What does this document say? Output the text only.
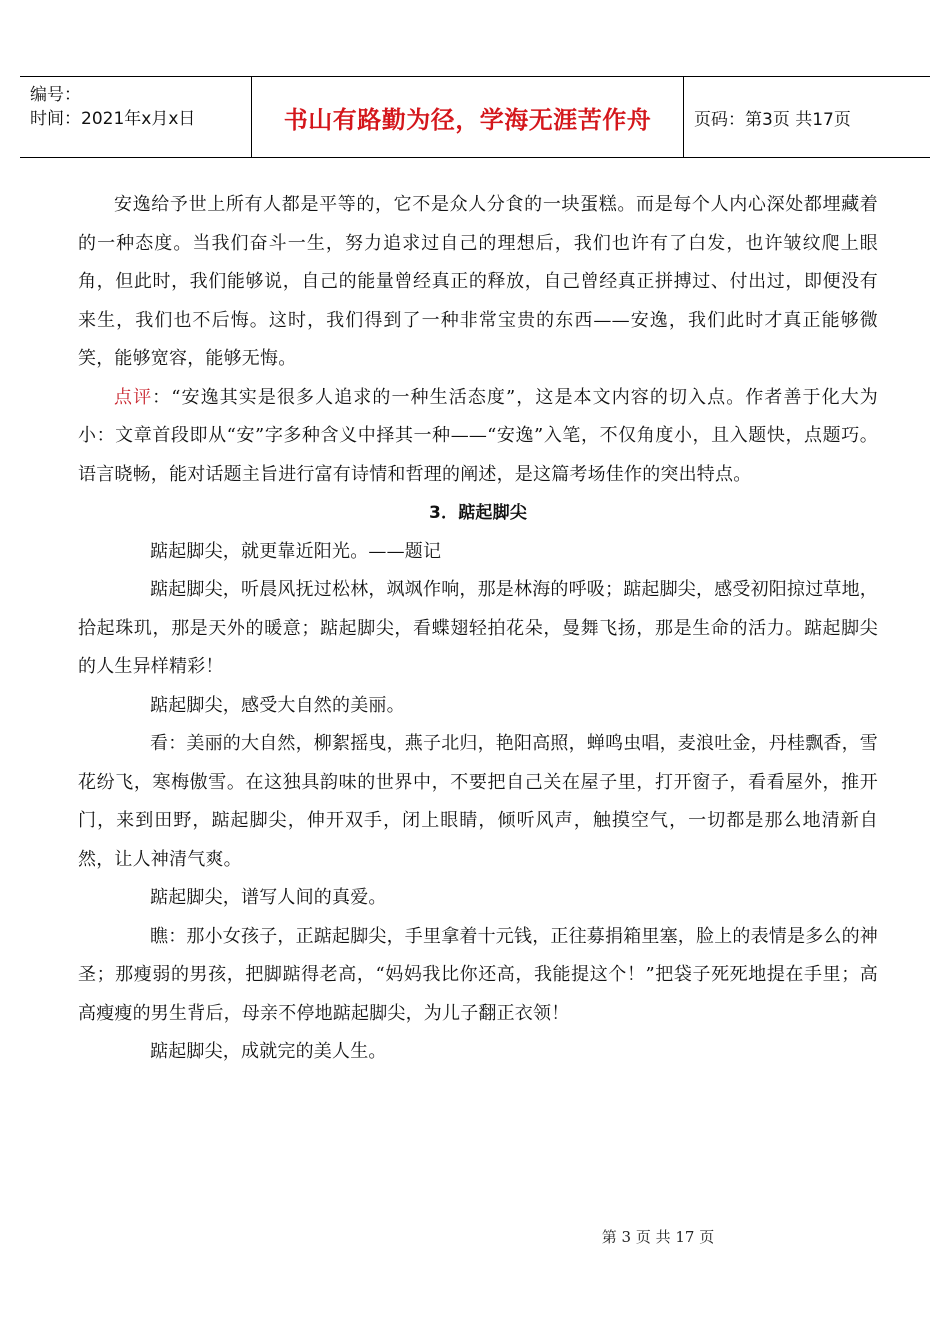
编号：
时间：2021年x月x日	书山有路勤为径，学海无涯苦作舟	页码：第3页 共17页

安逸给予世上所有人都是平等的，它不是众人分食的一块蛋糕。而是每个人内心深处都埋藏着的一种态度。当我们奋斗一生，努力追求过自己的理想后，我们也许有了白发，也许皱纹爬上眼角，但此时，我们能够说，自己的能量曾经真正的释放，自己曾经真正拼搏过、付出过，即便没有来生，我们也不后悔。这时，我们得到了一种非常宝贵的东西——安逸，我们此时才真正能够微笑，能够宽容，能够无悔。

点评：“安逸其实是很多人追求的一种生活态度”，这是本文内容的切入点。作者善于化大为小：文章首段即从“安”字多种含义中择其一种——“安逸”入笔，不仅角度小，且入题快，点题巧。语言晓畅，能对话题主旨进行富有诗情和哲理的阐述，是这篇考场佳作的突出特点。

3．踮起脚尖

踮起脚尖，就更靠近阳光。——题记

踮起脚尖，听晨风抚过松林，飒飒作响，那是林海的呼吸；踮起脚尖，感受初阳掠过草地，拾起珠玑，那是天外的暖意；踮起脚尖，看蝶翅轻拍花朵，曼舞飞扬，那是生命的活力。踮起脚尖的人生异样精彩！

踮起脚尖，感受大自然的美丽。

看：美丽的大自然，柳絮摇曳，燕子北归，艳阳高照，蝉鸣虫唱，麦浪吐金，丹桂飘香，雪花纷飞，寒梅傲雪。在这独具韵味的世界中，不要把自己关在屋子里，打开窗子，看看屋外，推开门，来到田野，踮起脚尖，伸开双手，闭上眼睛，倾听风声，触摸空气，一切都是那么地清新自然，让人神清气爽。

踮起脚尖，谱写人间的真爱。

瞧：那小女孩子，正踮起脚尖，手里拿着十元钱，正往募捐箱里塞，脸上的表情是多么的神圣；那瘦弱的男孩，把脚踮得老高，“妈妈我比你还高，我能提这个！”把袋子死死地提在手里；高高瘦瘦的男生背后，母亲不停地踮起脚尖，为儿子翻正衣领！

踮起脚尖，成就完的美人生。

第 3 页 共 17 页
